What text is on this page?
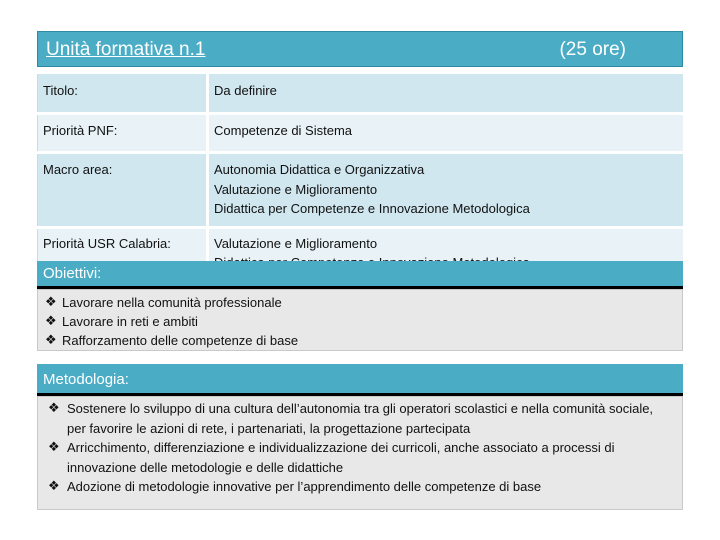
Unità formativa n.1	(25 ore)
Titolo:	Da definire

Priorità PNF:	Competenze di Sistema

Macro area:	Autonomia Didattica e Organizzativa
Valutazione e Miglioramento
Didattica per Competenze e Innovazione Metodologica

Priorità USR Calabria:	Valutazione e Miglioramento
Obiettivi:
❖ Lavorare nella comunità professionale
❖ Lavorare in reti e ambiti
❖ Rafforzamento delle competenze di base
Metodologia:
❖ Sostenere lo sviluppo di una cultura dell’autonomia tra gli operatori scolastici e nella comunità sociale, per favorire le azioni di rete, i partenariati, la progettazione partecipata
❖ Arricchimento, differenziazione e individualizzazione dei curricoli, anche associato a processi di innovazione delle metodologie e delle didattiche
❖ Adozione di metodologie innovative per l’apprendimento delle competenze di base
